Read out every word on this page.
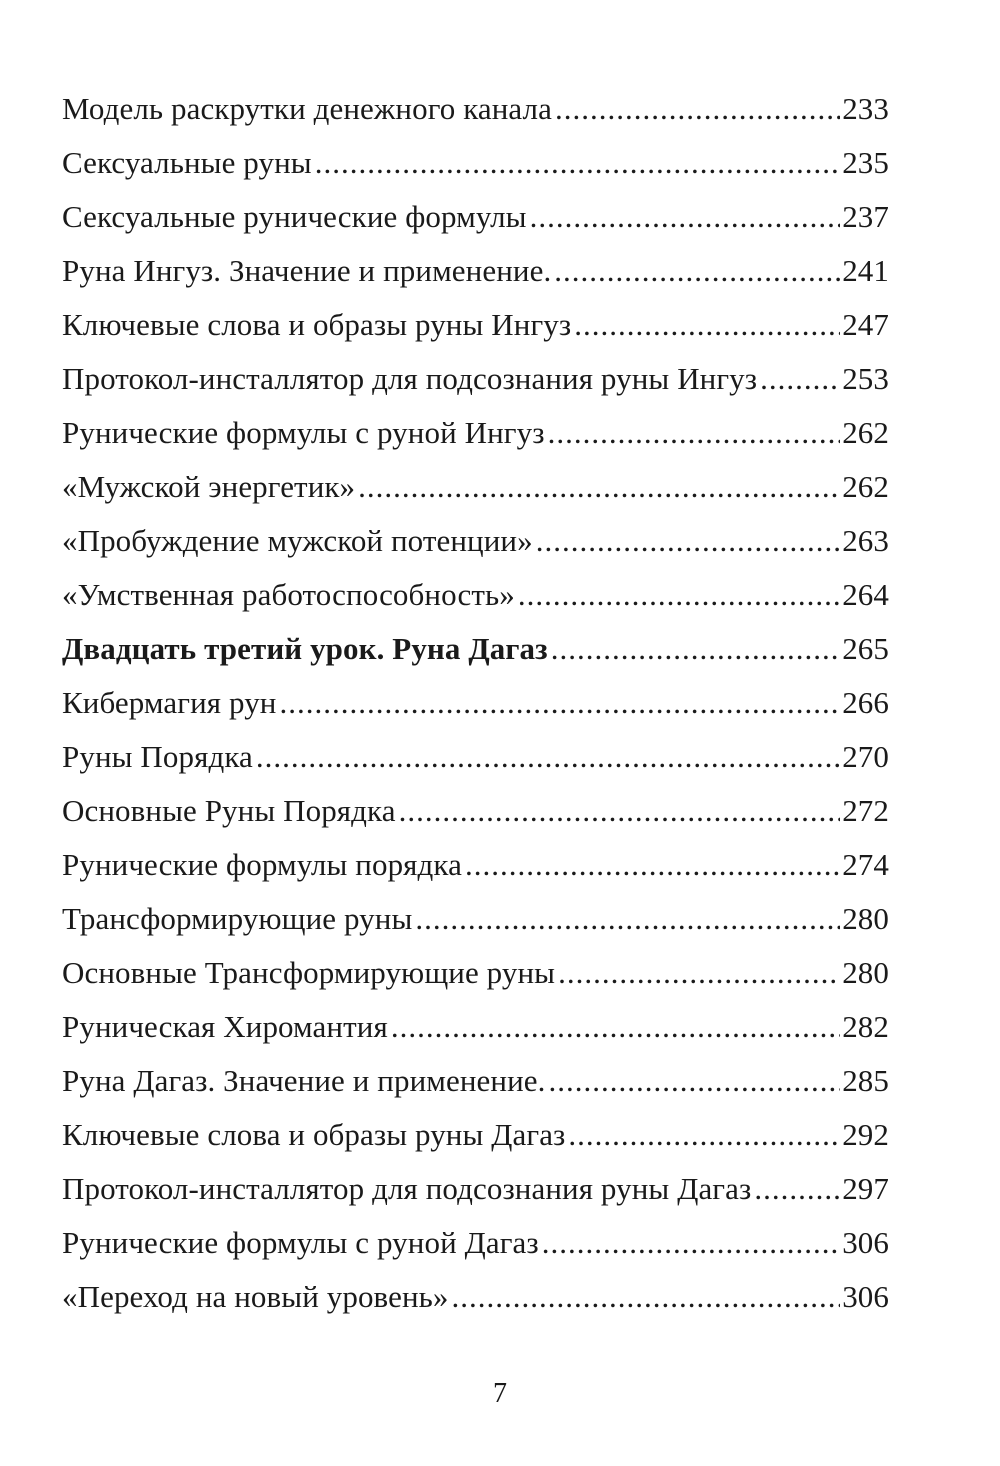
Модель раскрутки денежного канала .....	233
Сексуальные руны .....	235
Сексуальные рунические формулы .....	237
Руна Ингуз. Значение и применение. .....	241
Ключевые слова и образы руны Ингуз .....	247
Протокол-инсталлятор для подсознания руны Ингуз .....	253
Рунические формулы с руной Ингуз .....	262
«Мужской энергетик» .....	262
«Пробуждение мужской потенции» .....	263
«Умственная работоспособность» .....	264
Двадцать третий урок. Руна Дагаз .....	265
Кибермагия рун .....	266
Руны Порядка .....	270
Основные Руны Порядка .....	272
Рунические формулы порядка .....	274
Трансформирующие руны .....	280
Основные Трансформирующие руны .....	280
Руническая Хиромантия .....	282
Руна Дагаз. Значение и применение. .....	285
Ключевые слова и образы руны Дагаз .....	292
Протокол-инсталлятор для подсознания руны Дагаз .....	297
Рунические формулы с руной Дагаз .....	306
«Переход на новый уровень» .....	306
7
